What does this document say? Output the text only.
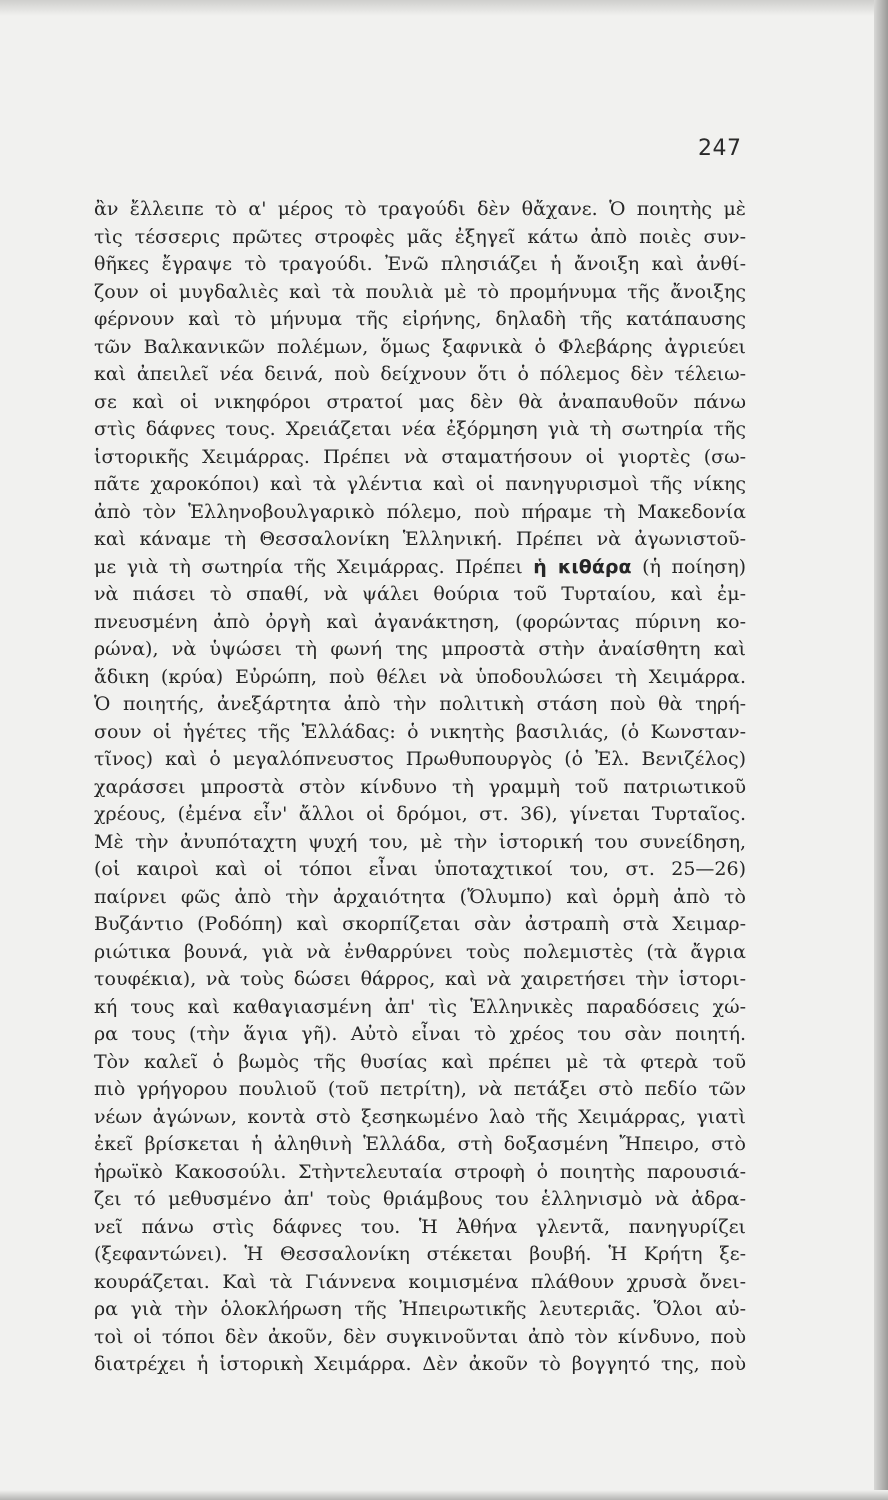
247
ἂν ἔλλειπε τὸ α' μέρος τὸ τραγούδι δὲν θἄχανε. Ὁ ποιητὴς μὲ
τὶς τέσσερις πρῶτες στροφὲς μᾶς ἐξηγεῖ κάτω ἀπὸ ποιὲς συν-
θῆκες ἔγραψε τὸ τραγούδι. Ἐνῶ πλησιάζει ἡ ἄνοιξη καὶ ἀνθί-
ζουν οἱ μυγδαλιὲς καὶ τὰ πουλιὰ μὲ τὸ προμήνυμα τῆς ἄνοιξης
φέρνουν καὶ τὸ μήνυμα τῆς εἰρήνης, δηλαδὴ τῆς κατάπαυσης
τῶν Βαλκανικῶν πολέμων, ὅμως ξαφνικὰ ὁ Φλεβάρης ἀγριεύει
καὶ ἀπειλεῖ νέα δεινά, ποὺ δείχνουν ὅτι ὁ πόλεμος δὲν τέλειω-
σε καὶ οἱ νικηφόροι στρατοί μας δὲν θὰ ἀναπαυθοῦν πάνω
στὶς δάφνες τους. Χρειάζεται νέα ἐξόρμηση γιὰ τὴ σωτηρία τῆς
ἱστορικῆς Χειμάρρας. Πρέπει νὰ σταματήσουν οἱ γιορτὲς (σω-
πᾶτε χαροκόποι) καὶ τὰ γλέντια καὶ οἱ πανηγυρισμοὶ τῆς νίκης
ἀπὸ τὸν Ἑλληνοβουλγαρικὸ πόλεμο, ποὺ πήραμε τὴ Μακεδονία
καὶ κάναμε τὴ Θεσσαλονίκη Ἑλληνική. Πρέπει νὰ ἀγωνιστοῦ-
με γιὰ τὴ σωτηρία τῆς Χειμάρρας. Πρέπει ἡ κιθάρα (ἡ ποίηση)
νὰ πιάσει τὸ σπαθί, νὰ ψάλει θούρια τοῦ Τυρταίου, καὶ ἐμ-
πνευσμένη ἀπὸ ὀργὴ καὶ ἀγανάκτηση, (φορώντας πύρινη κο-
ρώνα), νὰ ὑψώσει τὴ φωνή της μπροστὰ στὴν ἀναίσθητη καὶ
ἄδικη (κρύα) Εὐρώπη, ποὺ θέλει νὰ ὑποδουλώσει τὴ Χειμάρρα.
Ὁ ποιητής, ἀνεξάρτητα ἀπὸ τὴν πολιτικὴ στάση ποὺ θὰ τηρή-
σουν οἱ ἡγέτες τῆς Ἑλλάδας: ὁ νικητὴς βασιλιάς, (ὁ Κωνσταν-
τῖνος) καὶ ὁ μεγαλόπνευστος Πρωθυπουργὸς (ὁ Ἐλ. Βενιζέλος)
χαράσσει μπροστὰ στὸν κίνδυνο τὴ γραμμὴ τοῦ πατριωτικοῦ
χρέους, (ἐμένα εἶν' ἄλλοι οἱ δρόμοι, στ. 36), γίνεται Τυρταῖος.
Μὲ τὴν ἀνυπόταχτη ψυχή του, μὲ τὴν ἱστορική του συνείδηση,
(οἱ καιροὶ καὶ οἱ τόποι εἶναι ὑποταχτικοί του, στ. 25—26)
παίρνει φῶς ἀπὸ τὴν ἀρχαιότητα (Ὄλυμπο) καὶ ὁρμὴ ἀπὸ τὸ
Βυζάντιο (Ροδόπη) καὶ σκορπίζεται σὰν ἀστραπὴ στὰ Χειμαρ-
ριώτικα βουνά, γιὰ νὰ ἐνθαρρύνει τοὺς πολεμιστὲς (τὰ ἄγρια
τουφέκια), νὰ τοὺς δώσει θάρρος, καὶ νὰ χαιρετήσει τὴν ἱστορι-
κή τους καὶ καθαγιασμένη ἀπ' τὶς Ἑλληνικὲς παραδόσεις χώ-
ρα τους (τὴν ἅγια γῆ). Αὐτὸ εἶναι τὸ χρέος του σὰν ποιητή.
Τὸν καλεῖ ὁ βωμὸς τῆς θυσίας καὶ πρέπει μὲ τὰ φτερὰ τοῦ
πιὸ γρήγορου πουλιοῦ (τοῦ πετρίτη), νὰ πετάξει στὸ πεδίο τῶν
νέων ἀγώνων, κοντὰ στὸ ξεσηκωμένο λαὸ τῆς Χειμάρρας, γιατὶ
ἐκεῖ βρίσκεται ἡ ἀληθινὴ Ἑλλάδα, στὴ δοξασμένη Ἤπειρο, στὸ
ἡρωϊκὸ Κακοσούλι. Στὴντελευταία στροφὴ ὁ ποιητὴς παρουσιά-
ζει τό μεθυσμένο ἀπ' τοὺς θριάμβους του ἑλληνισμὸ νὰ ἀδρα-
νεῖ πάνω στὶς δάφνες του. Ἡ Ἀθήνα γλεντᾶ, πανηγυρίζει
(ξεφαντώνει). Ἡ Θεσσαλονίκη στέκεται βουβή. Ἡ Κρήτη ξε-
κουράζεται. Καὶ τὰ Γιάννενα κοιμισμένα πλάθουν χρυσὰ ὄνει-
ρα γιὰ τὴν ὁλοκλήρωση τῆς Ἠπειρωτικῆς λευτεριᾶς. Ὅλοι αὐ-
τοὶ οἱ τόποι δὲν ἀκοῦν, δὲν συγκινοῦνται ἀπὸ τὸν κίνδυνο, ποὺ
διατρέχει ἡ ἱστορικὴ Χειμάρρα. Δὲν ἀκοῦν τὸ βογγητό της, ποὺ
